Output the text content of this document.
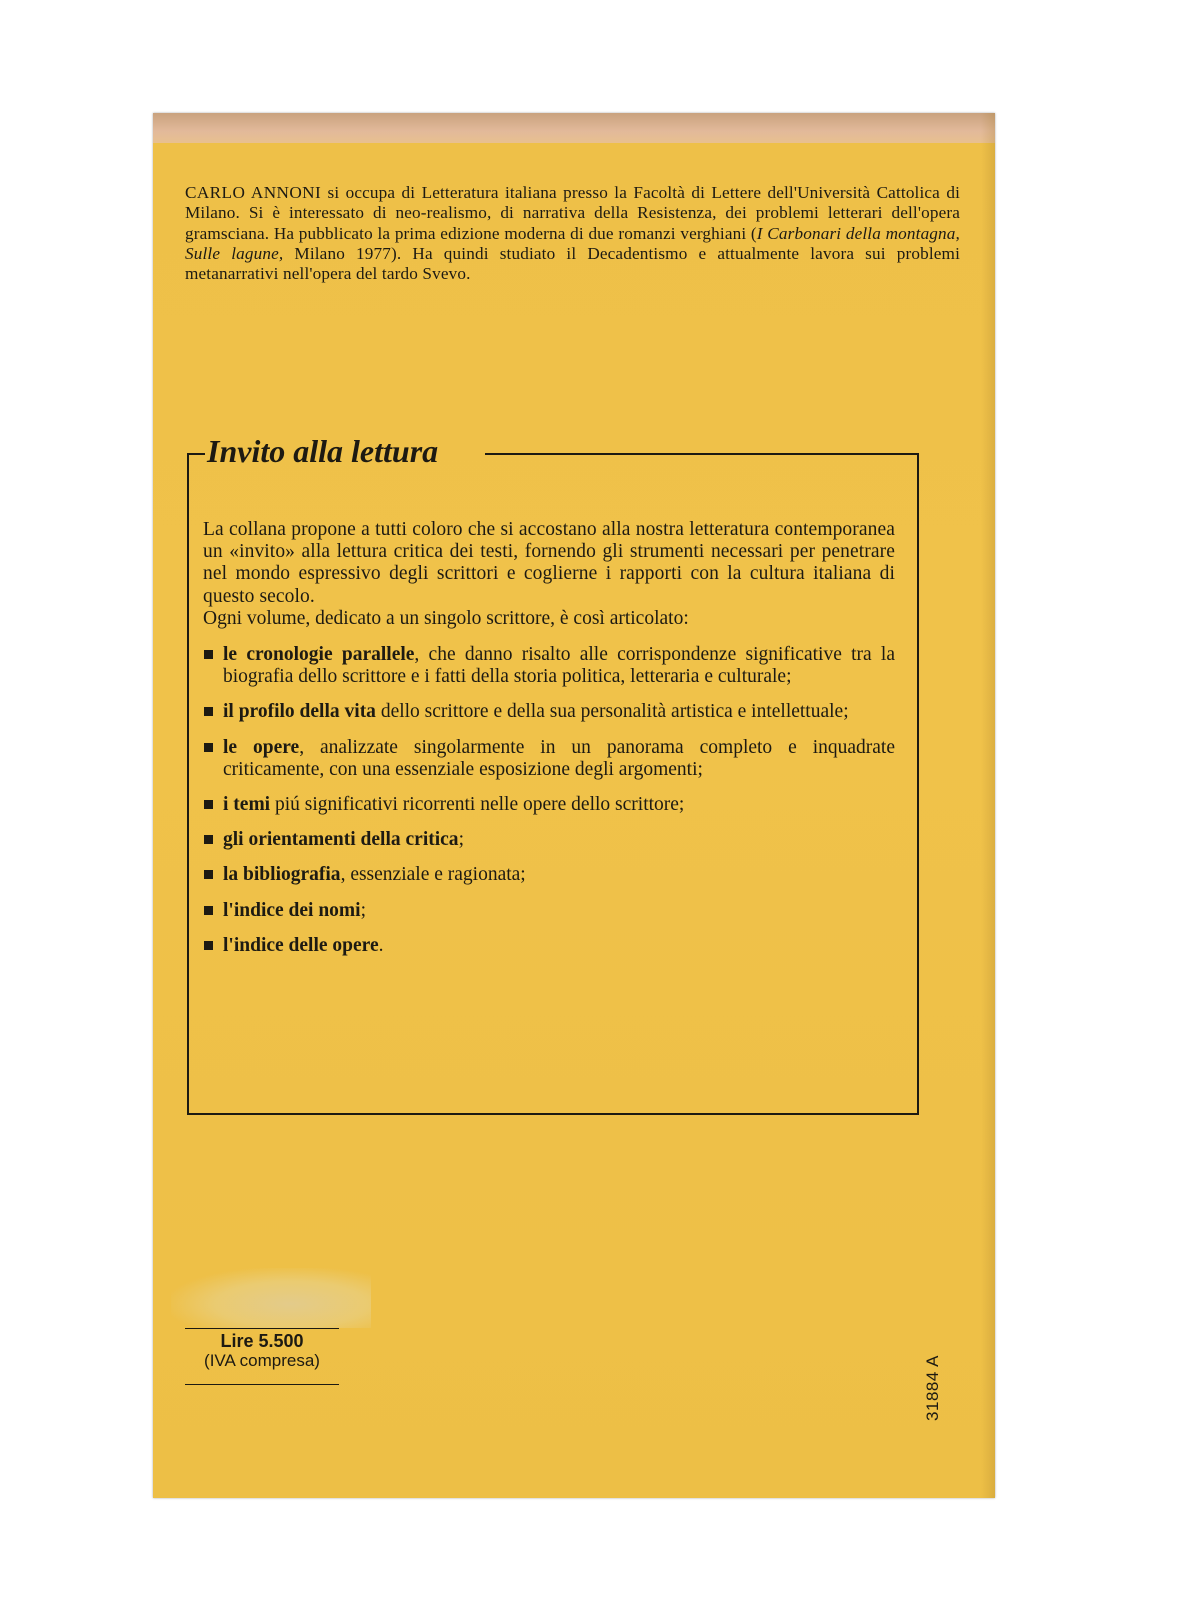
CARLO ANNONI si occupa di Letteratura italiana presso la Facoltà di Lettere dell'Università Cattolica di Milano. Si è interessato di neo-realismo, di narrativa della Resistenza, dei problemi letterari dell'opera gramsciana. Ha pubblicato la prima edizione moderna di due romanzi verghiani (I Carbonari della montagna, Sulle lagune, Milano 1977). Ha quindi studiato il Decadentismo e attualmente lavora sui problemi metanarrativi nell'opera del tardo Svevo.
Invito alla lettura
La collana propone a tutti coloro che si accostano alla nostra letteratura contemporanea un «invito» alla lettura critica dei testi, fornendo gli strumenti necessari per penetrare nel mondo espressivo degli scrittori e coglierne i rapporti con la cultura italiana di questo secolo.
Ogni volume, dedicato a un singolo scrittore, è così articolato:
le cronologie parallele, che danno risalto alle corrispondenze significative tra la biografia dello scrittore e i fatti della storia politica, letteraria e culturale;
il profilo della vita dello scrittore e della sua personalità artistica e intellettuale;
le opere, analizzate singolarmente in un panorama completo e inquadrate criticamente, con una essenziale esposizione degli argomenti;
i temi piú significativi ricorrenti nelle opere dello scrittore;
gli orientamenti della critica;
la bibliografia, essenziale e ragionata;
l'indice dei nomi;
l'indice delle opere.
Lire 5.500
(IVA compresa)	31884 A
